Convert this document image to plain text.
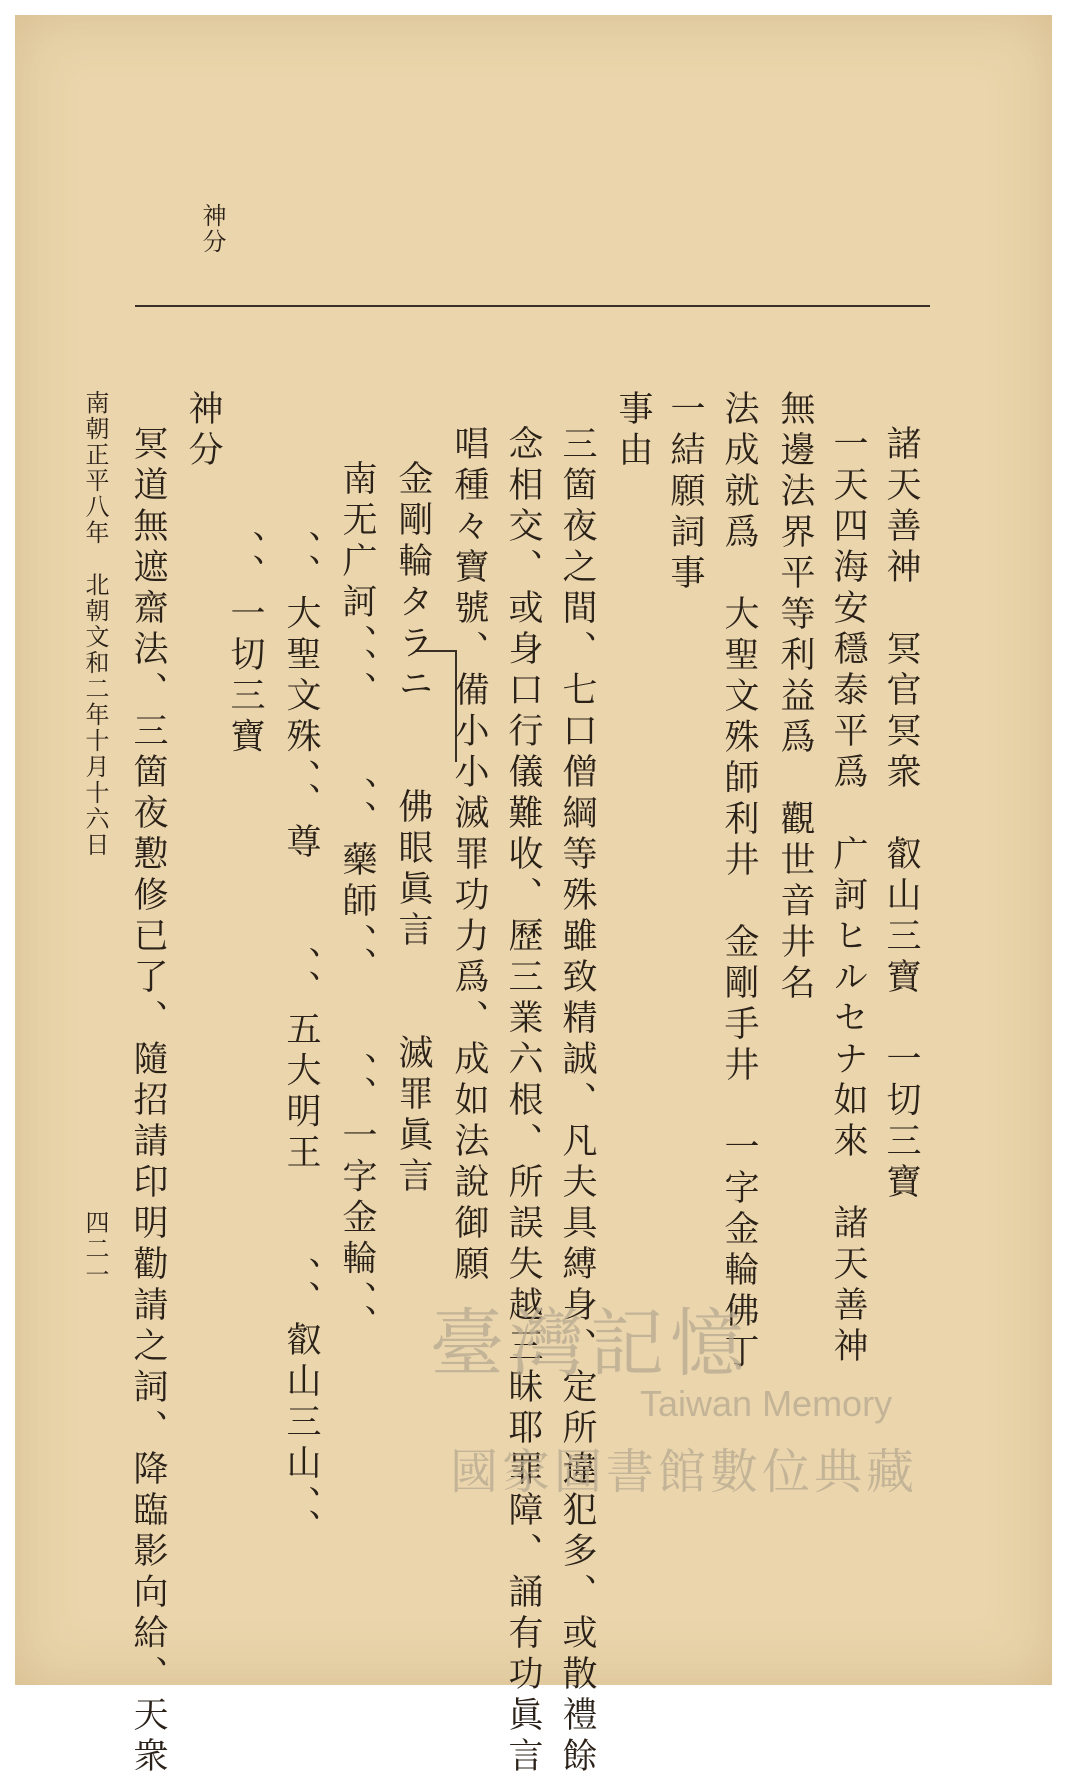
神分
諸天善神　冥官冥衆　叡山三寶　一切三寶
一天四海安穩泰平爲　广訶ヒルセナ如來　諸天善神
無邊法界平等利益爲　觀世音井名
法成就爲　大聖文殊師利井　金剛手井　一字金輪佛丁
一結願詞事
事由
三箇夜之間、七口僧綱等殊雖致精誠、凡夫具縛身、定所違犯多、或散禮餘
念相交、或身口行儀難收、歷三業六根、所誤失越三昧耶罪障、誦有功眞言
唱種々寶號、備小小滅罪功力爲、成如法說御願
金剛輪タラニ　　佛眼眞言　　滅罪眞言
南无广訶、、、　　、、藥師、、　　、、一字金輪、、
、、大聖文殊、、尊　　、、五大明王　　、、叡山三山、、
、、一切三寶
神分
冥道無遮齋法、三箇夜懃修已了、隨招請印明勸請之詞、降臨影向給、天衆
南朝正平八年　北朝文和二年十月十六日
四二一
臺灣記憶
Taiwan Memory
國家圖書館數位典藏
